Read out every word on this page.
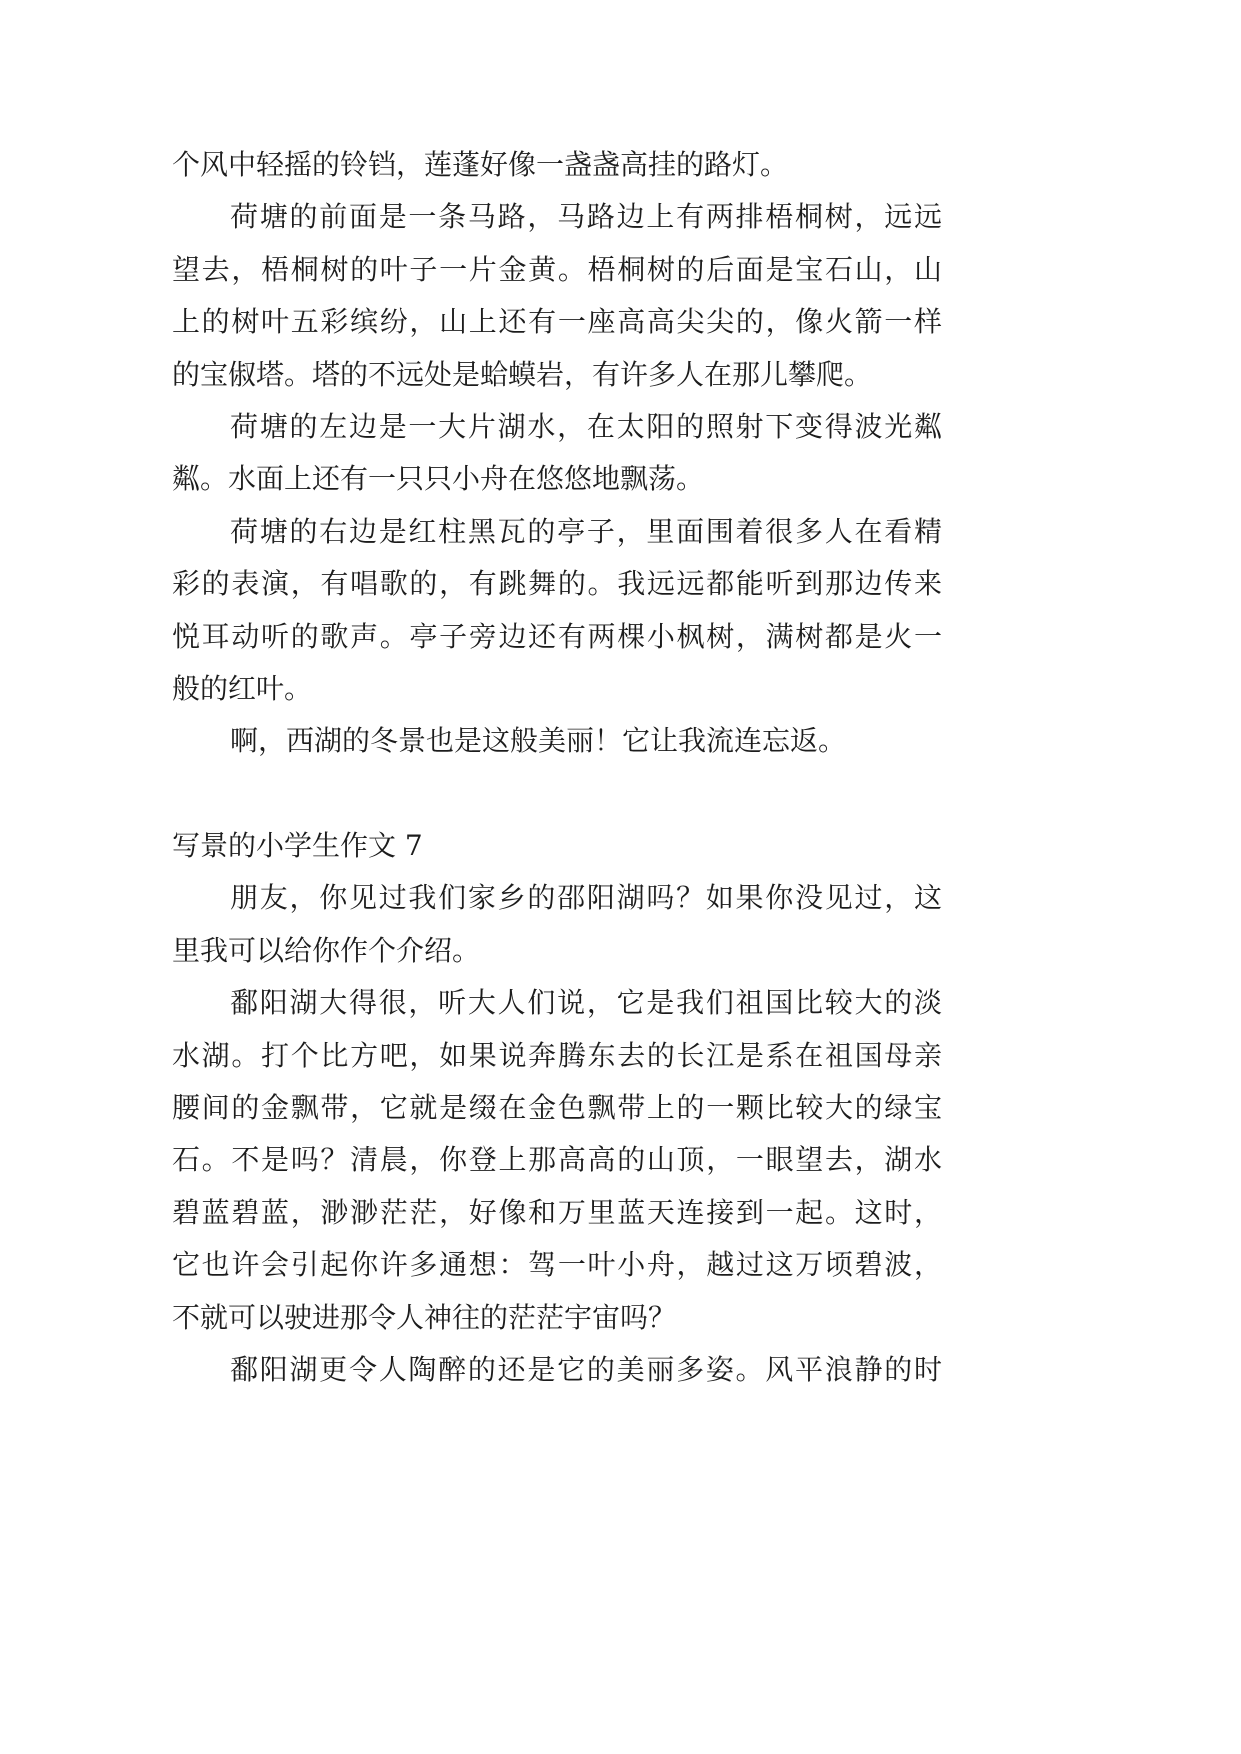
个风中轻摇的铃铛，莲蓬好像一盏盏高挂的路灯。
荷塘的前面是一条马路，马路边上有两排梧桐树，远远
望去，梧桐树的叶子一片金黄。梧桐树的后面是宝石山，山
上的树叶五彩缤纷，山上还有一座高高尖尖的，像火箭一样
的宝俶塔。塔的不远处是蛤蟆岩，有许多人在那儿攀爬。
荷塘的左边是一大片湖水，在太阳的照射下变得波光粼
粼。水面上还有一只只小舟在悠悠地飘荡。
荷塘的右边是红柱黑瓦的亭子，里面围着很多人在看精
彩的表演，有唱歌的，有跳舞的。我远远都能听到那边传来
悦耳动听的歌声。亭子旁边还有两棵小枫树，满树都是火一
般的红叶。
啊，西湖的冬景也是这般美丽！它让我流连忘返。
写景的小学生作文 7
朋友，你见过我们家乡的邵阳湖吗？如果你没见过，这
里我可以给你作个介绍。
鄱阳湖大得很，听大人们说，它是我们祖国比较大的淡
水湖。打个比方吧，如果说奔腾东去的长江是系在祖国母亲
腰间的金飘带，它就是缀在金色飘带上的一颗比较大的绿宝
石。不是吗？清晨，你登上那高高的山顶，一眼望去，湖水
碧蓝碧蓝，渺渺茫茫，好像和万里蓝天连接到一起。这时，
它也许会引起你许多通想：驾一叶小舟，越过这万顷碧波，
不就可以驶进那令人神往的茫茫宇宙吗？
鄱阳湖更令人陶醉的还是它的美丽多姿。风平浪静的时
